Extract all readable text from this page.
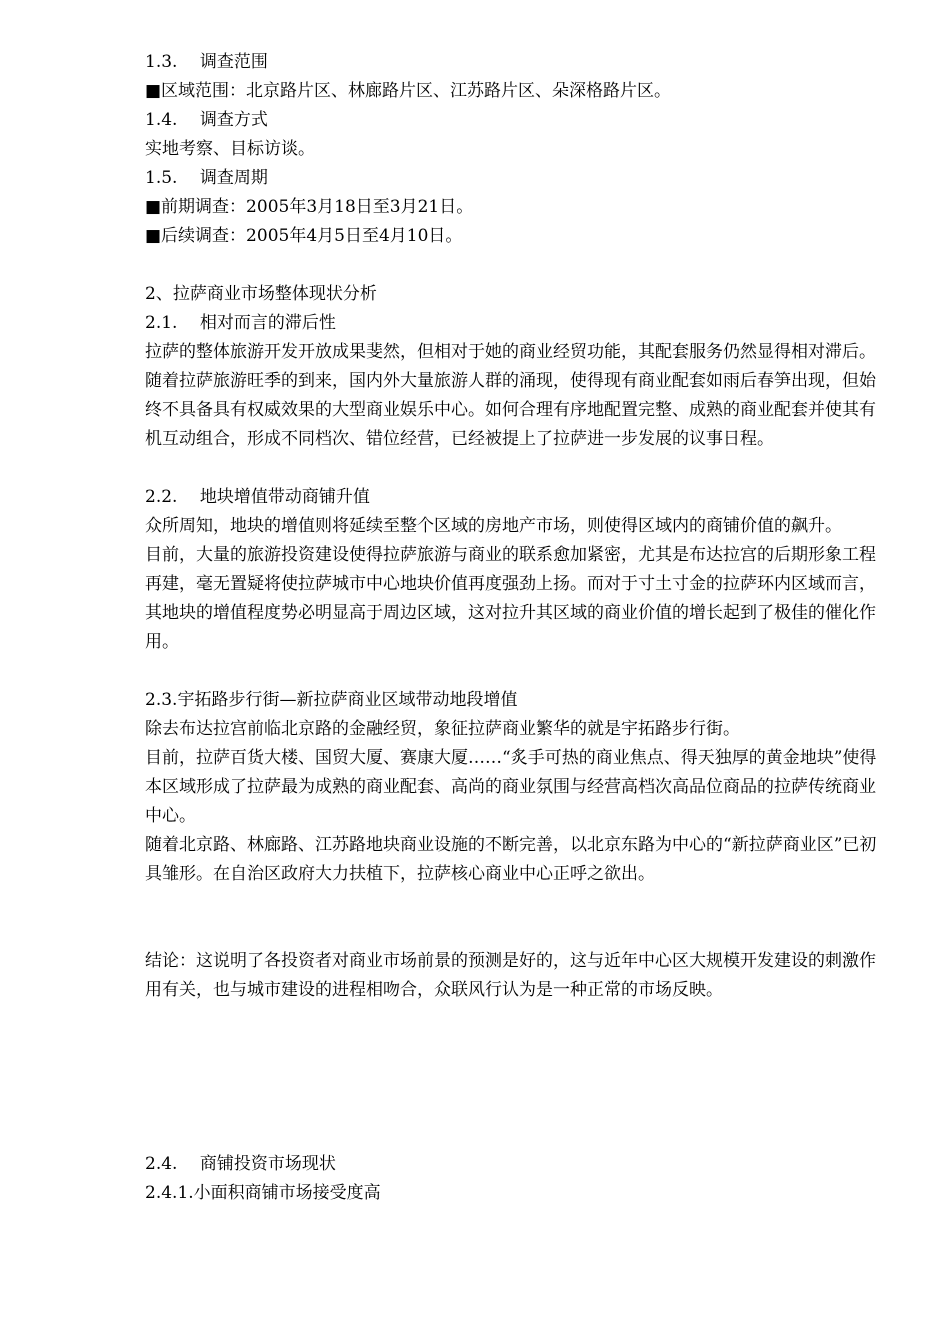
1.3.　 调查范围

■区域范围：北京路片区、林廊路片区、江苏路片区、朵深格路片区。

1.4.　 调查方式

实地考察、目标访谈。

1.5.　 调查周期

■前期调查：2005年3月18日至3月21日。

■后续调查：2005年4月5日至4月10日。

2、拉萨商业市场整体现状分析

2.1.　 相对而言的滞后性

拉萨的整体旅游开发开放成果斐然，但相对于她的商业经贸功能，其配套服务仍然显得相对滞后。随着拉萨旅游旺季的到来，国内外大量旅游人群的涌现，使得现有商业配套如雨后春笋出现，但始终不具备具有权威效果的大型商业娱乐中心。如何合理有序地配置完整、成熟的商业配套并使其有机互动组合，形成不同档次、错位经营，已经被提上了拉萨进一步发展的议事日程。

2.2.　 地块增值带动商铺升值

众所周知，地块的增值则将延续至整个区域的房地产市场，则使得区域内的商铺价值的飙升。

目前，大量的旅游投资建设使得拉萨旅游与商业的联系愈加紧密，尤其是布达拉宫的后期形象工程再建，毫无置疑将使拉萨城市中心地块价值再度强劲上扬。而对于寸土寸金的拉萨环内区域而言，其地块的增值程度势必明显高于周边区域，这对拉升其区域的商业价值的增长起到了极佳的催化作用。

2.3.宇拓路步行街—新拉萨商业区域带动地段增值

除去布达拉宫前临北京路的金融经贸，象征拉萨商业繁华的就是宇拓路步行街。

目前，拉萨百货大楼、国贸大厦、赛康大厦……“炙手可热的商业焦点、得天独厚的黄金地块”使得本区域形成了拉萨最为成熟的商业配套、高尚的商业氛围与经营高档次高品位商品的拉萨传统商业中心。

随着北京路、林廊路、江苏路地块商业设施的不断完善，以北京东路为中心的“新拉萨商业区”已初具雏形。在自治区政府大力扶植下，拉萨核心商业中心正呼之欲出。

结论：这说明了各投资者对商业市场前景的预测是好的，这与近年中心区大规模开发建设的刺激作用有关，也与城市建设的进程相吻合，众联风行认为是一种正常的市场反映。

2.4.　 商铺投资市场现状

2.4.1.小面积商铺市场接受度高
